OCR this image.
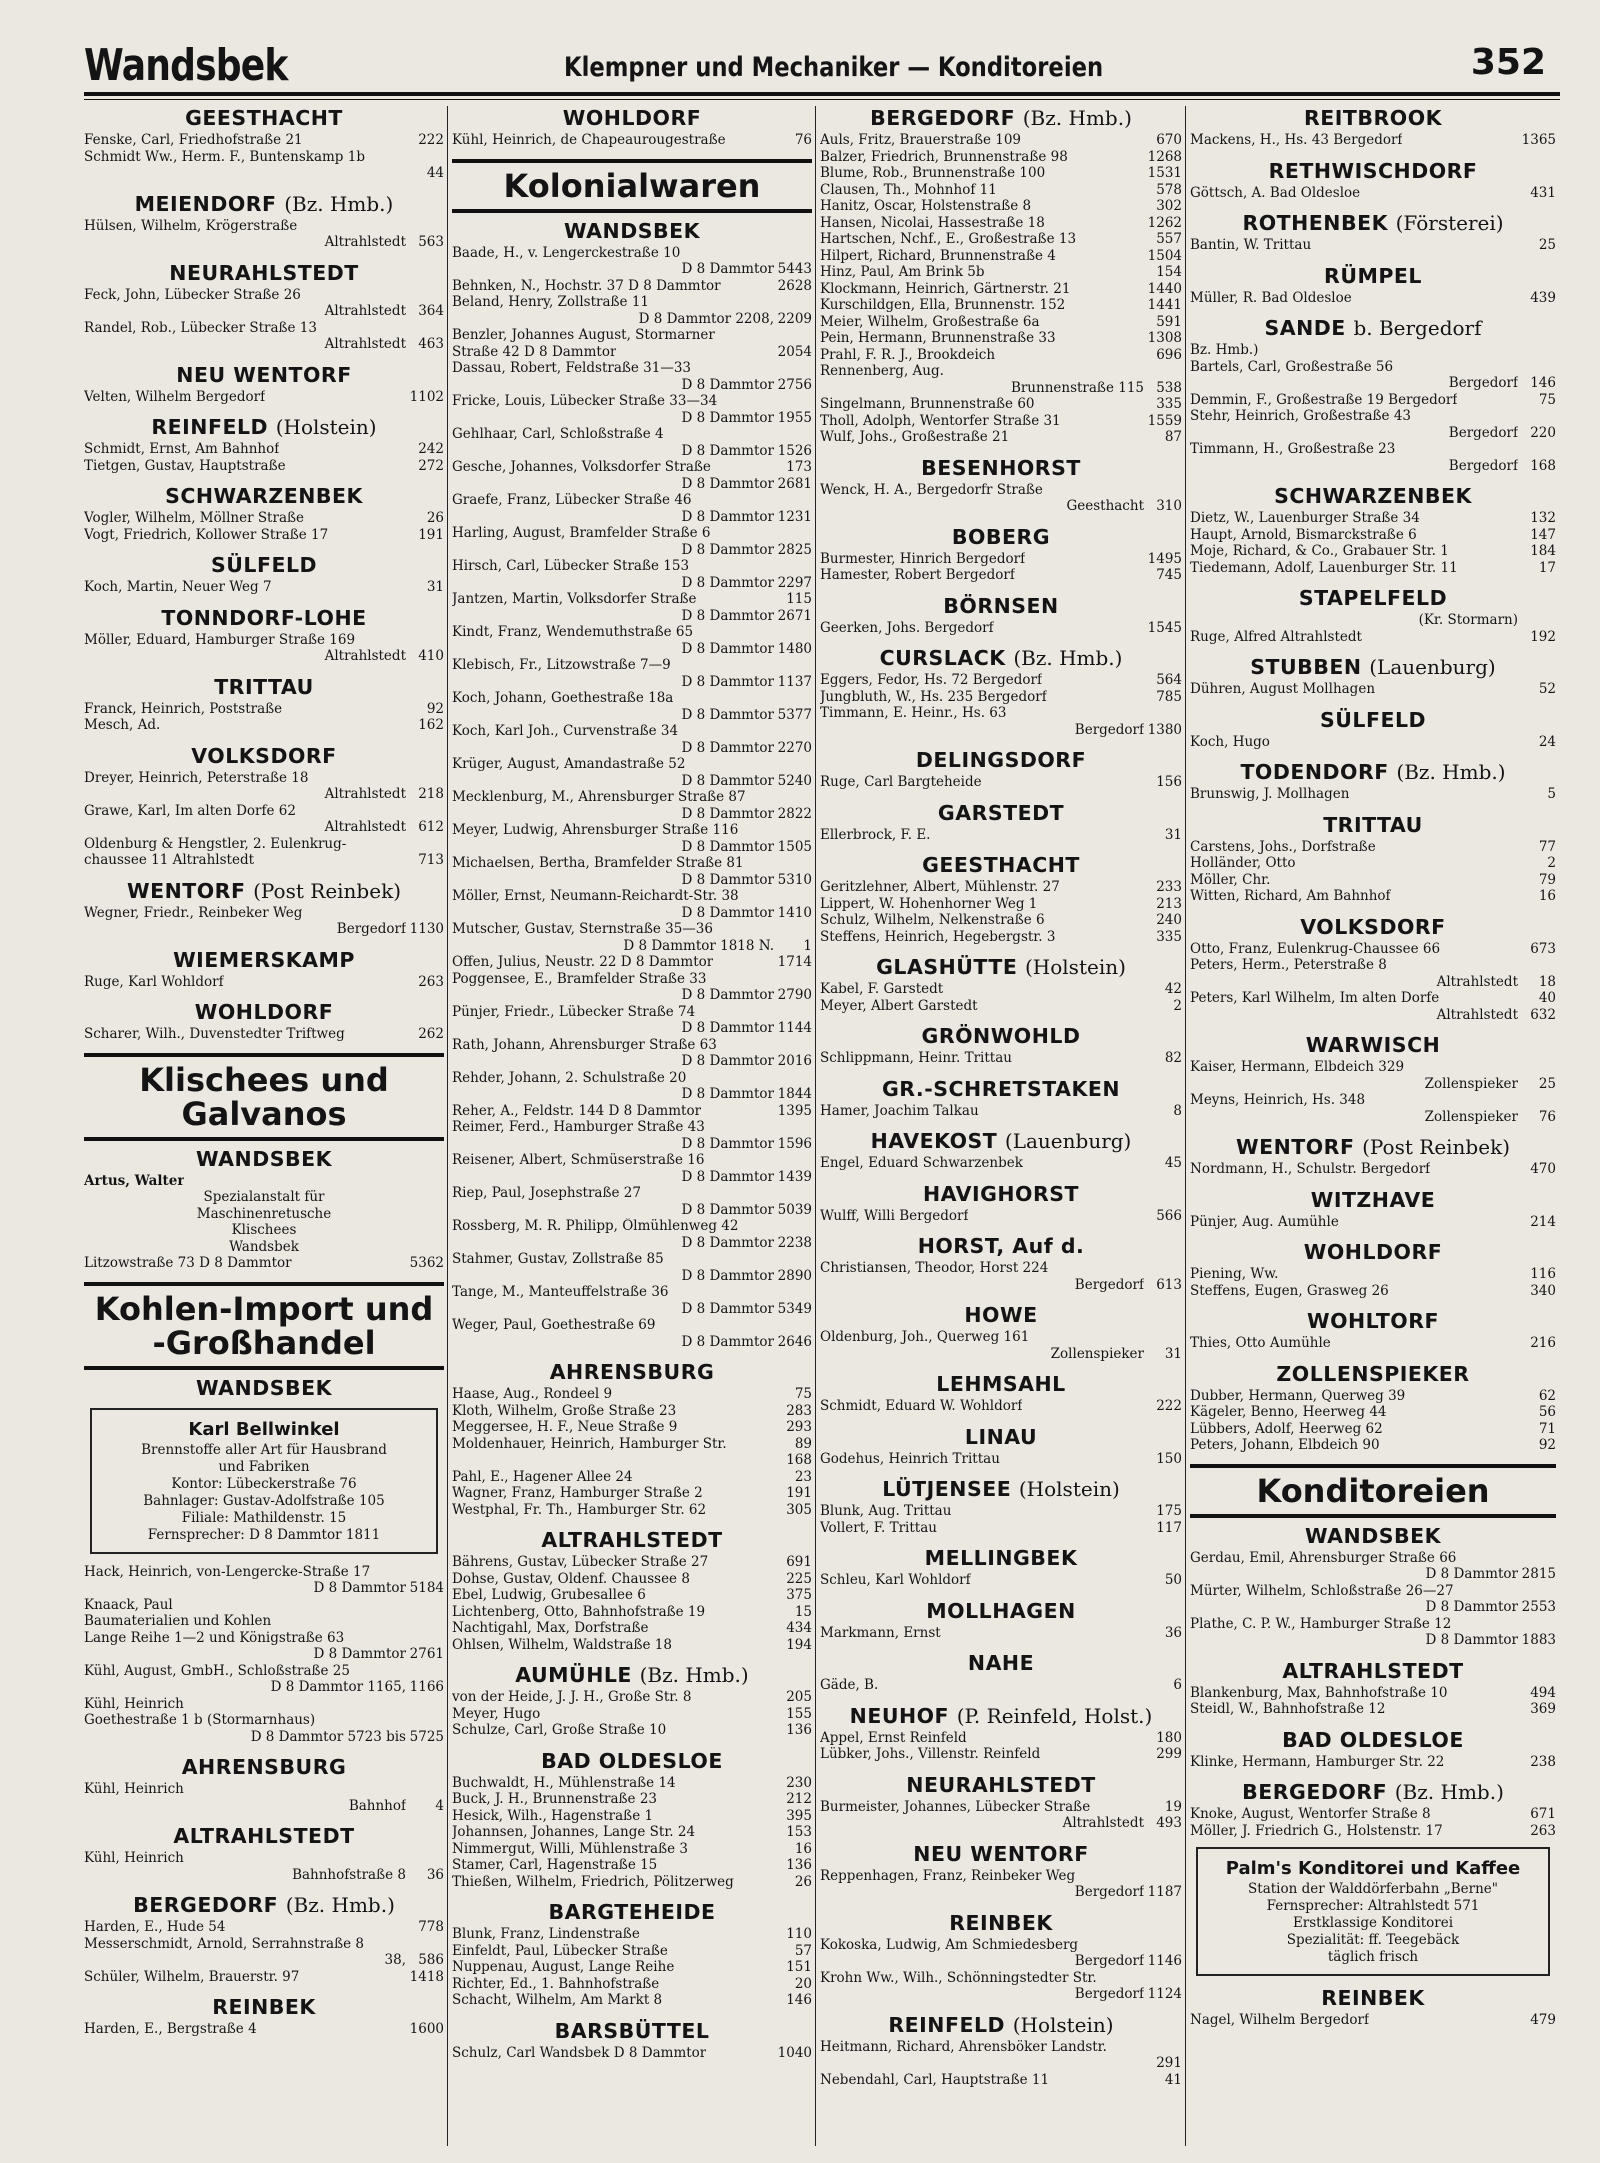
Wandsbek	Klempner und Mechaniker — Konditoreien	352
GEESTHACHT
Fenske, Carl, Friedhofstraße 21	222
Schmidt Ww., Herm. F., Buntenskamp 1b
44
MEIENDORF (Bz. Hmb.)
Hülsen, Wilhelm, Krögerstraße
Altrahlstedt 563
NEURAHLSTEDT
Feck, John, Lübecker Straße 26
Altrahlstedt 364
Randel, Rob., Lübecker Straße 13
Altrahlstedt 463
NEU WENTORF
Velten, Wilhelm Bergedorf	1102
REINFELD (Holstein)
Schmidt, Ernst, Am Bahnhof	242
Tietgen, Gustav, Hauptstraße	272
SCHWARZENBEK
Vogler, Wilhelm, Möllner Straße	26
Vogt, Friedrich, Kollower Straße 17	191
SÜLFELD
Koch, Martin, Neuer Weg 7	31
TONNDORF-LOHE
Möller, Eduard, Hamburger Straße 169
Altrahlstedt 410
TRITTAU
Franck, Heinrich, Poststraße	92
Mesch, Ad.	162
VOLKSDORF
Dreyer, Heinrich, Peterstraße 18
Altrahlstedt 218
Grawe, Karl, Im alten Dorfe 62
Altrahlstedt 612
Oldenburg & Hengstler, 2. Eulenkrug-
chaussee 11 Altrahlstedt	713
WENTORF (Post Reinbek)
Wegner, Friedr., Reinbeker Weg
Bergedorf 1130
WIEMERSKAMP
Ruge, Karl Wohldorf	263
WOHLDORF
Scharer, Wilh., Duvenstedter Triftweg	262
Klischees und
Galvanos
WANDSBEK
Artus, Walter
Spezialanstalt für
Maschinenretusche
Klischees
Wandsbek
Litzowstraße 73 D 8 Dammtor	5362
Kohlen-Import und
-Großhandel
WANDSBEK
Karl Bellwinkel
Brennstoffe aller Art für Hausbrand
und Fabriken
Kontor: Lübeckerstraße 76
Bahnlager: Gustav-Adolfstraße 105
Filiale: Mathildenstr. 15
Fernsprecher: D 8 Dammtor 1811
Hack, Heinrich, von-Lengercke-Straße 17
D 8 Dammtor 5184
Knaack, Paul
Baumaterialien und Kohlen
Lange Reihe 1—2 und Königstraße 63
D 8 Dammtor 2761
Kühl, August, GmbH., Schloßstraße 25
D 8 Dammtor 1165, 1166
Kühl, Heinrich
Goethestraße 1 b (Stormarnhaus)
D 8 Dammtor 5723 bis 5725
AHRENSBURG
Kühl, Heinrich
Bahnhof 4
ALTRAHLSTEDT
Kühl, Heinrich
Bahnhofstraße 8 36
BERGEDORF (Bz. Hmb.)
Harden, E., Hude 54	778
Messerschmidt, Arnold, Serrahnstraße 8
38, 586
Schüler, Wilhelm, Brauerstr. 97	1418
REINBEK
Harden, E., Bergstraße 4	1600
WOHLDORF
Kühl, Heinrich, de Chapeaurougestraße	76
Kolonialwaren
WANDSBEK
Baade, H., v. Lengerckestraße 10
D 8 Dammtor 5443
Behnken, N., Hochstr. 37 D 8 Dammtor	2628
Beland, Henry, Zollstraße 11
D 8 Dammtor 2208, 2209
Benzler, Johannes August, Stormarner
Straße 42 D 8 Dammtor	2054
Dassau, Robert, Feldstraße 31—33
D 8 Dammtor 2756
Fricke, Louis, Lübecker Straße 33—34
D 8 Dammtor 1955
Gehlhaar, Carl, Schloßstraße 4
D 8 Dammtor 1526
Gesche, Johannes, Volksdorfer Straße	173
D 8 Dammtor 2681
Graefe, Franz, Lübecker Straße 46
D 8 Dammtor 1231
Harling, August, Bramfelder Straße 6
D 8 Dammtor 2825
Hirsch, Carl, Lübecker Straße 153
D 8 Dammtor 2297
Jantzen, Martin, Volksdorfer Straße	115
D 8 Dammtor 2671
Kindt, Franz, Wendemuthstraße 65
D 8 Dammtor 1480
Klebisch, Fr., Litzowstraße 7—9
D 8 Dammtor 1137
Koch, Johann, Goethestraße 18a
D 8 Dammtor 5377
Koch, Karl Joh., Curvenstraße 34
D 8 Dammtor 2270
Krüger, August, Amandastraße 52
D 8 Dammtor 5240
Mecklenburg, M., Ahrensburger Straße 87
D 8 Dammtor 2822
Meyer, Ludwig, Ahrensburger Straße 116
D 8 Dammtor 1505
Michaelsen, Bertha, Bramfelder Straße 81
D 8 Dammtor 5310
Möller, Ernst, Neumann-Reichardt-Str. 38
D 8 Dammtor 1410
Mutscher, Gustav, Sternstraße 35—36
D 8 Dammtor 1818 N. 1
Offen, Julius, Neustr. 22 D 8 Dammtor	1714
Poggensee, E., Bramfelder Straße 33
D 8 Dammtor 2790
Pünjer, Friedr., Lübecker Straße 74
D 8 Dammtor 1144
Rath, Johann, Ahrensburger Straße 63
D 8 Dammtor 2016
Rehder, Johann, 2. Schulstraße 20
D 8 Dammtor 1844
Reher, A., Feldstr. 144 D 8 Dammtor	1395
Reimer, Ferd., Hamburger Straße 43
D 8 Dammtor 1596
Reisener, Albert, Schmüserstraße 16
D 8 Dammtor 1439
Riep, Paul, Josephstraße 27
D 8 Dammtor 5039
Rossberg, M. R. Philipp, Ölmühlenweg 42
D 8 Dammtor 2238
Stahmer, Gustav, Zollstraße 85
D 8 Dammtor 2890
Tange, M., Manteuffelstraße 36
D 8 Dammtor 5349
Weger, Paul, Goethestraße 69
D 8 Dammtor 2646
AHRENSBURG
Haase, Aug., Rondeel 9	75
Kloth, Wilhelm, Große Straße 23	283
Meggersee, H. F., Neue Straße 9	293
Moldenhauer, Heinrich, Hamburger Str.	89
168
Pahl, E., Hagener Allee 24	23
Wagner, Franz, Hamburger Straße 2	191
Westphal, Fr. Th., Hamburger Str. 62	305
ALTRAHLSTEDT
Bährens, Gustav, Lübecker Straße 27	691
Dohse, Gustav, Oldenf. Chaussee 8	225
Ebel, Ludwig, Grubesallee 6	375
Lichtenberg, Otto, Bahnhofstraße 19	15
Nachtigahl, Max, Dorfstraße	434
Ohlsen, Wilhelm, Waldstraße 18	194
AUMÜHLE (Bz. Hmb.)
von der Heide, J. J. H., Große Str. 8	205
Meyer, Hugo	155
Schulze, Carl, Große Straße 10	136
BAD OLDESLOE
Buchwaldt, H., Mühlenstraße 14	230
Buck, J. H., Brunnenstraße 23	212
Hesick, Wilh., Hagenstraße 1	395
Johannsen, Johannes, Lange Str. 24	153
Nimmergut, Willi, Mühlenstraße 3	16
Stamer, Carl, Hagenstraße 15	136
Thießen, Wilhelm, Friedrich, Pölitzerweg	26
BARGTEHEIDE
Blunk, Franz, Lindenstraße	110
Einfeldt, Paul, Lübecker Straße	57
Nuppenau, August, Lange Reihe	151
Richter, Ed., 1. Bahnhofstraße	20
Schacht, Wilhelm, Am Markt 8	146
BARSBÜTTEL
Schulz, Carl Wandsbek D 8 Dammtor	1040
BERGEDORF (Bz. Hmb.)
Auls, Fritz, Brauerstraße 109	670
Balzer, Friedrich, Brunnenstraße 98	1268
Blume, Rob., Brunnenstraße 100	1531
Clausen, Th., Mohnhof 11	578
Hanitz, Oscar, Holstenstraße 8	302
Hansen, Nicolai, Hassestraße 18	1262
Hartschen, Nchf., E., Großestraße 13	557
Hilpert, Richard, Brunnenstraße 4	1504
Hinz, Paul, Am Brink 5b	154
Klockmann, Heinrich, Gärtnerstr. 21	1440
Kurschildgen, Ella, Brunnenstr. 152	1441
Meier, Wilhelm, Großestraße 6a	591
Pein, Hermann, Brunnenstraße 33	1308
Prahl, F. R. J., Brookdeich	696
Rennenberg, Aug.
Brunnenstraße 115 538
Singelmann, Brunnenstraße 60	335
Tholl, Adolph, Wentorfer Straße 31	1559
Wulf, Johs., Großestraße 21	87
BESENHORST
Wenck, H. A., Bergedorfr Straße
Geesthacht 310
BOBERG
Burmester, Hinrich Bergedorf	1495
Hamester, Robert Bergedorf	745
BÖRNSEN
Geerken, Johs. Bergedorf	1545
CURSLACK (Bz. Hmb.)
Eggers, Fedor, Hs. 72 Bergedorf	564
Jungbluth, W., Hs. 235 Bergedorf	785
Timmann, E. Heinr., Hs. 63
Bergedorf 1380
DELINGSDORF
Ruge, Carl Bargteheide	156
GARSTEDT
Ellerbrock, F. E.	31
GEESTHACHT
Geritzlehner, Albert, Mühlenstr. 27	233
Lippert, W. Hohenhorner Weg 1	213
Schulz, Wilhelm, Nelkenstraße 6	240
Steffens, Heinrich, Hegebergstr. 3	335
GLASHÜTTE (Holstein)
Kabel, F. Garstedt	42
Meyer, Albert Garstedt	2
GRÖNWOHLD
Schlippmann, Heinr. Trittau	82
GR.-SCHRETSTAKEN
Hamer, Joachim Talkau	8
HAVEKOST (Lauenburg)
Engel, Eduard Schwarzenbek	45
HAVIGHORST
Wulff, Willi Bergedorf	566
HORST, Auf d.
Christiansen, Theodor, Horst 224
Bergedorf 613
HOWE
Oldenburg, Joh., Querweg 161
Zollenspieker 31
LEHMSAHL
Schmidt, Eduard W. Wohldorf	222
LINAU
Godehus, Heinrich Trittau	150
LÜTJENSEE (Holstein)
Blunk, Aug. Trittau	175
Vollert, F. Trittau	117
MELLINGBEK
Schleu, Karl Wohldorf	50
MOLLHAGEN
Markmann, Ernst	36
NAHE
Gäde, B.	6
NEUHOF (P. Reinfeld, Holst.)
Appel, Ernst Reinfeld	180
Lübker, Johs., Villenstr. Reinfeld	299
NEURAHLSTEDT
Burmeister, Johannes, Lübecker Straße	19
Altrahlstedt 493
NEU WENTORF
Reppenhagen, Franz, Reinbeker Weg
Bergedorf 1187
REINBEK
Kokoska, Ludwig, Am Schmiedesberg
Bergedorf 1146
Krohn Ww., Wilh., Schönningstedter Str.
Bergedorf 1124
REINFELD (Holstein)
Heitmann, Richard, Ahrensböker Landstr.
291
Nebendahl, Carl, Hauptstraße 11	41
REITBROOK
Mackens, H., Hs. 43 Bergedorf	1365
RETHWISCHDORF
Göttsch, A. Bad Oldesloe	431
ROTHENBEK (Försterei)
Bantin, W. Trittau	25
RÜMPEL
Müller, R. Bad Oldesloe	439
SANDE b. Bergedorf
Bz. Hmb.)
Bartels, Carl, Großestraße 56
Bergedorf 146
Demmin, F., Großestraße 19 Bergedorf	75
Stehr, Heinrich, Großestraße 43
Bergedorf 220
Timmann, H., Großestraße 23
Bergedorf 168
SCHWARZENBEK
Dietz, W., Lauenburger Straße 34	132
Haupt, Arnold, Bismarckstraße 6	147
Moje, Richard, & Co., Grabauer Str. 1	184
Tiedemann, Adolf, Lauenburger Str. 11	17
STAPELFELD
(Kr. Stormarn)
Ruge, Alfred Altrahlstedt	192
STUBBEN (Lauenburg)
Dühren, August Mollhagen	52
SÜLFELD
Koch, Hugo	24
TODENDORF (Bz. Hmb.)
Brunswig, J. Mollhagen	5
TRITTAU
Carstens, Johs., Dorfstraße	77
Holländer, Otto	2
Möller, Chr.	79
Witten, Richard, Am Bahnhof	16
VOLKSDORF
Otto, Franz, Eulenkrug-Chaussee 66	673
Peters, Herm., Peterstraße 8
Altrahlstedt 18
Peters, Karl Wilhelm, Im alten Dorfe	40
Altrahlstedt 632
WARWISCH
Kaiser, Hermann, Elbdeich 329
Zollenspieker 25
Meyns, Heinrich, Hs. 348
Zollenspieker 76
WENTORF (Post Reinbek)
Nordmann, H., Schulstr. Bergedorf	470
WITZHAVE
Pünjer, Aug. Aumühle	214
WOHLDORF
Piening, Ww.	116
Steffens, Eugen, Grasweg 26	340
WOHLTORF
Thies, Otto Aumühle	216
ZOLLENSPIEKER
Dubber, Hermann, Querweg 39	62
Kägeler, Benno, Heerweg 44	56
Lübbers, Adolf, Heerweg 62	71
Peters, Johann, Elbdeich 90	92
Konditoreien
WANDSBEK
Gerdau, Emil, Ahrensburger Straße 66
D 8 Dammtor 2815
Mürter, Wilhelm, Schloßstraße 26—27
D 8 Dammtor 2553
Plathe, C. P. W., Hamburger Straße 12
D 8 Dammtor 1883
ALTRAHLSTEDT
Blankenburg, Max, Bahnhofstraße 10	494
Steidl, W., Bahnhofstraße 12	369
BAD OLDESLOE
Klinke, Hermann, Hamburger Str. 22	238
BERGEDORF (Bz. Hmb.)
Knoke, August, Wentorfer Straße 8	671
Möller, J. Friedrich G., Holstenstr. 17	263
Palm's Konditorei und Kaffee
Station der Walddörferbahn „Berne"
Fernsprecher: Altrahlstedt 571
Erstklassige Konditorei
Spezialität: ff. Teegebäck
täglich frisch
REINBEK
Nagel, Wilhelm Bergedorf	479
